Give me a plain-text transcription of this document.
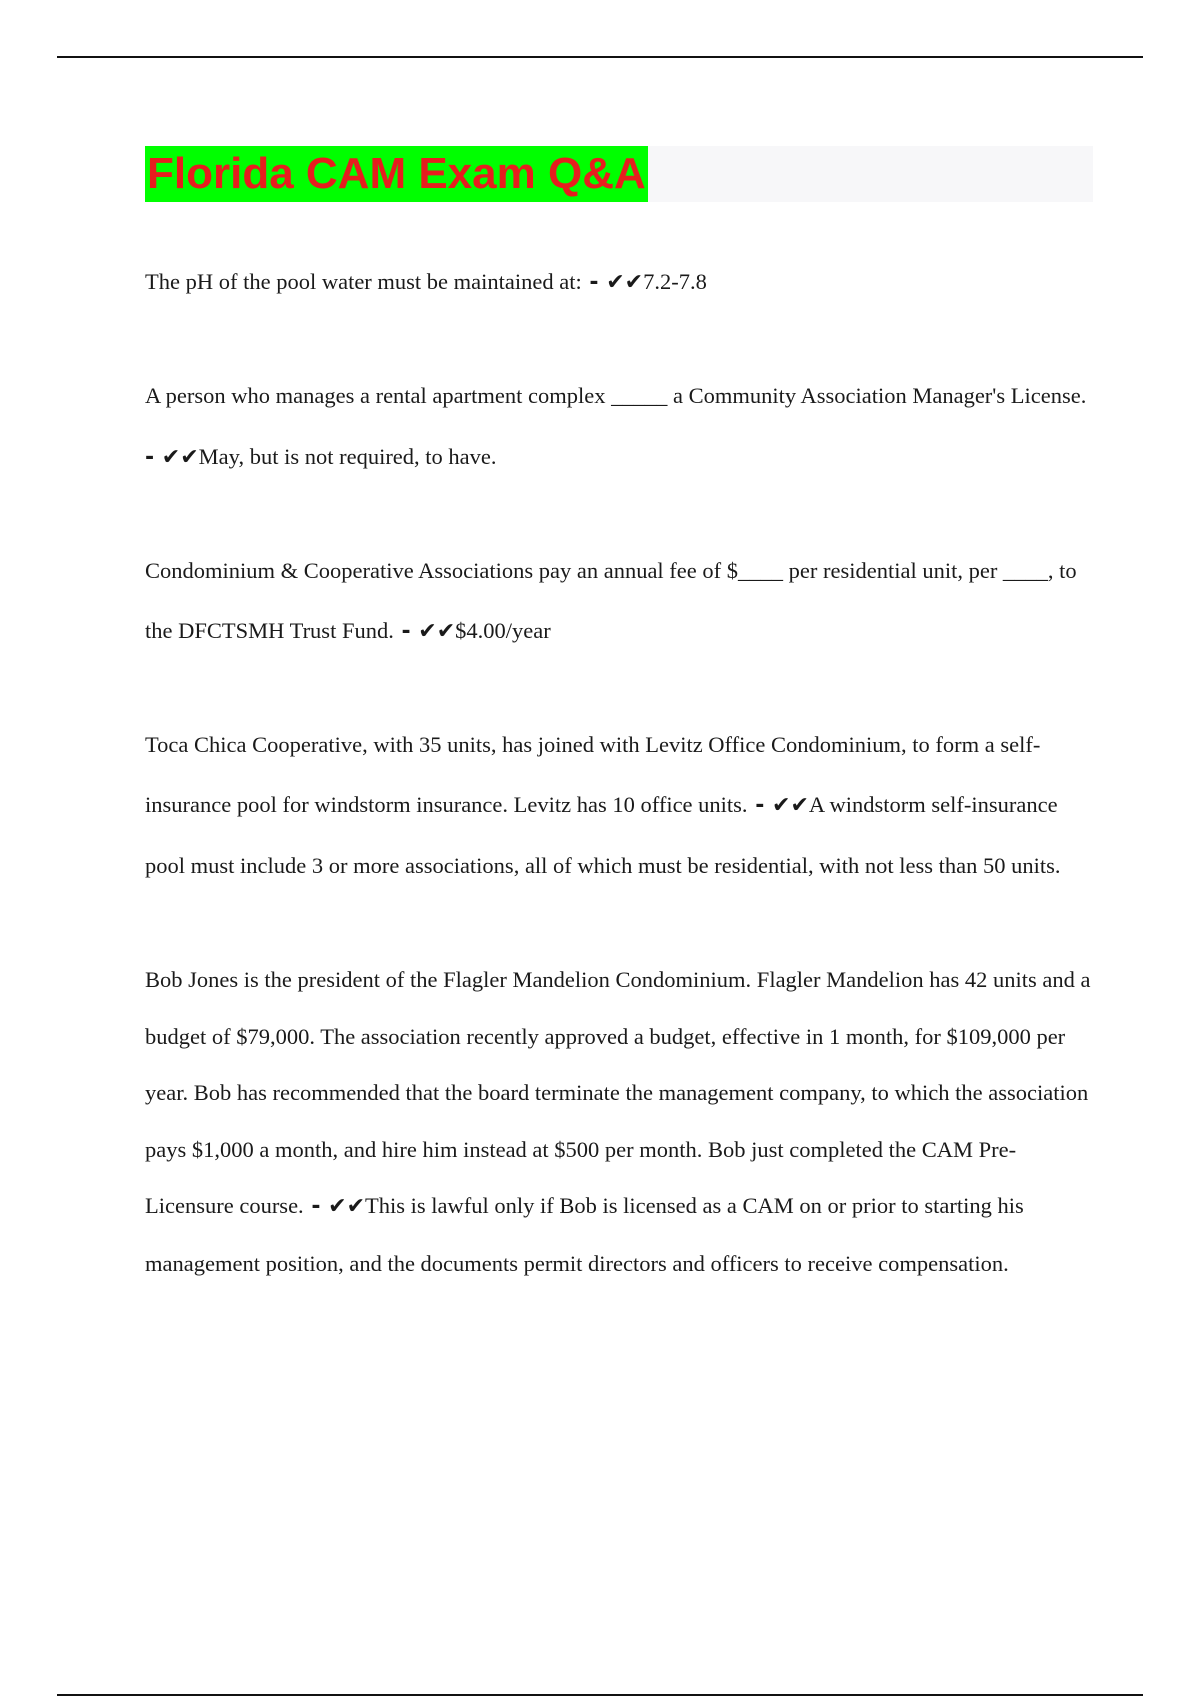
Florida CAM Exam Q&A

The pH of the pool water must be maintained at: - ✔✔7.2-7.8

A person who manages a rental apartment complex _____ a Community Association Manager's License. - ✔✔May, but is not required, to have.

Condominium & Cooperative Associations pay an annual fee of $____ per residential unit, per ____, to the DFCTSMH Trust Fund. - ✔✔$4.00/year

Toca Chica Cooperative, with 35 units, has joined with Levitz Office Condominium, to form a self-insurance pool for windstorm insurance. Levitz has 10 office units. - ✔✔A windstorm self-insurance pool must include 3 or more associations, all of which must be residential, with not less than 50 units.

Bob Jones is the president of the Flagler Mandelion Condominium. Flagler Mandelion has 42 units and a budget of $79,000. The association recently approved a budget, effective in 1 month, for $109,000 per year. Bob has recommended that the board terminate the management company, to which the association pays $1,000 a month, and hire him instead at $500 per month. Bob just completed the CAM Pre-Licensure course. - ✔✔This is lawful only if Bob is licensed as a CAM on or prior to starting his management position, and the documents permit directors and officers to receive compensation.
